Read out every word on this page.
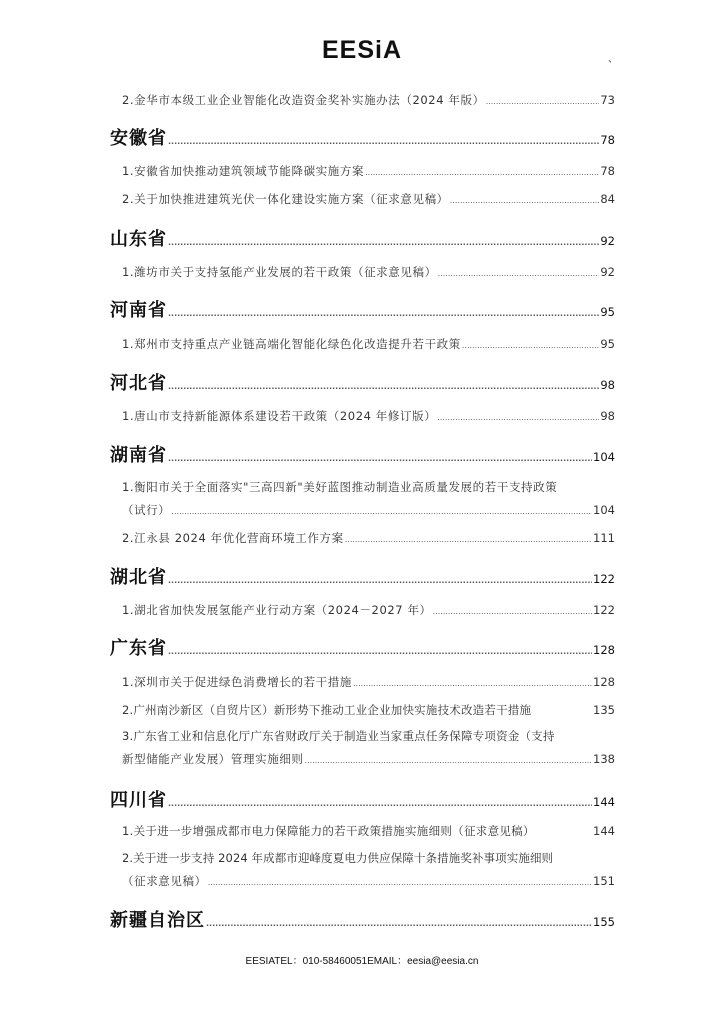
EESiA	、
2.金华市本级工业企业智能化改造资金奖补实施办法（2024 年版） .....	73
安徽省 .....	78
1.安徽省加快推动建筑领域节能降碳实施方案 .....	78
2.关于加快推进建筑光伏一体化建设实施方案（征求意见稿） .....	84
山东省 .....	92
1.潍坊市关于支持氢能产业发展的若干政策（征求意见稿） .....	92
河南省 .....	95
1.郑州市支持重点产业链高端化智能化绿色化改造提升若干政策 .....	95
河北省 .....	98
1.唐山市支持新能源体系建设若干政策（2024 年修订版） .....	98
湖南省 .....	104
1.衡阳市关于全面落实"三高四新"美好蓝图推动制造业高质量发展的若干支持政策
（试行） .....	104
2.江永县 2024 年优化营商环境工作方案 .....	111
湖北省 .....	122
1.湖北省加快发展氢能产业行动方案（2024－2027 年） .....	122
广东省 .....	128
1.深圳市关于促进绿色消费增长的若干措施 .....	128
2.广州南沙新区（自贸片区）新形势下推动工业企业加快实施技术改造若干措施	135
3.广东省工业和信息化厅广东省财政厅关于制造业当家重点任务保障专项资金（支持
新型储能产业发展）管理实施细则 .....	138
四川省 .....	144
1.关于进一步增强成都市电力保障能力的若干政策措施实施细则（征求意见稿）	144
2.关于进一步支持 2024 年成都市迎峰度夏电力供应保障十条措施奖补事项实施细则
（征求意见稿） .....	151
新疆自治区 .....	155
EESIATEL：010-58460051EMAIL：eesia@eesia.cn
